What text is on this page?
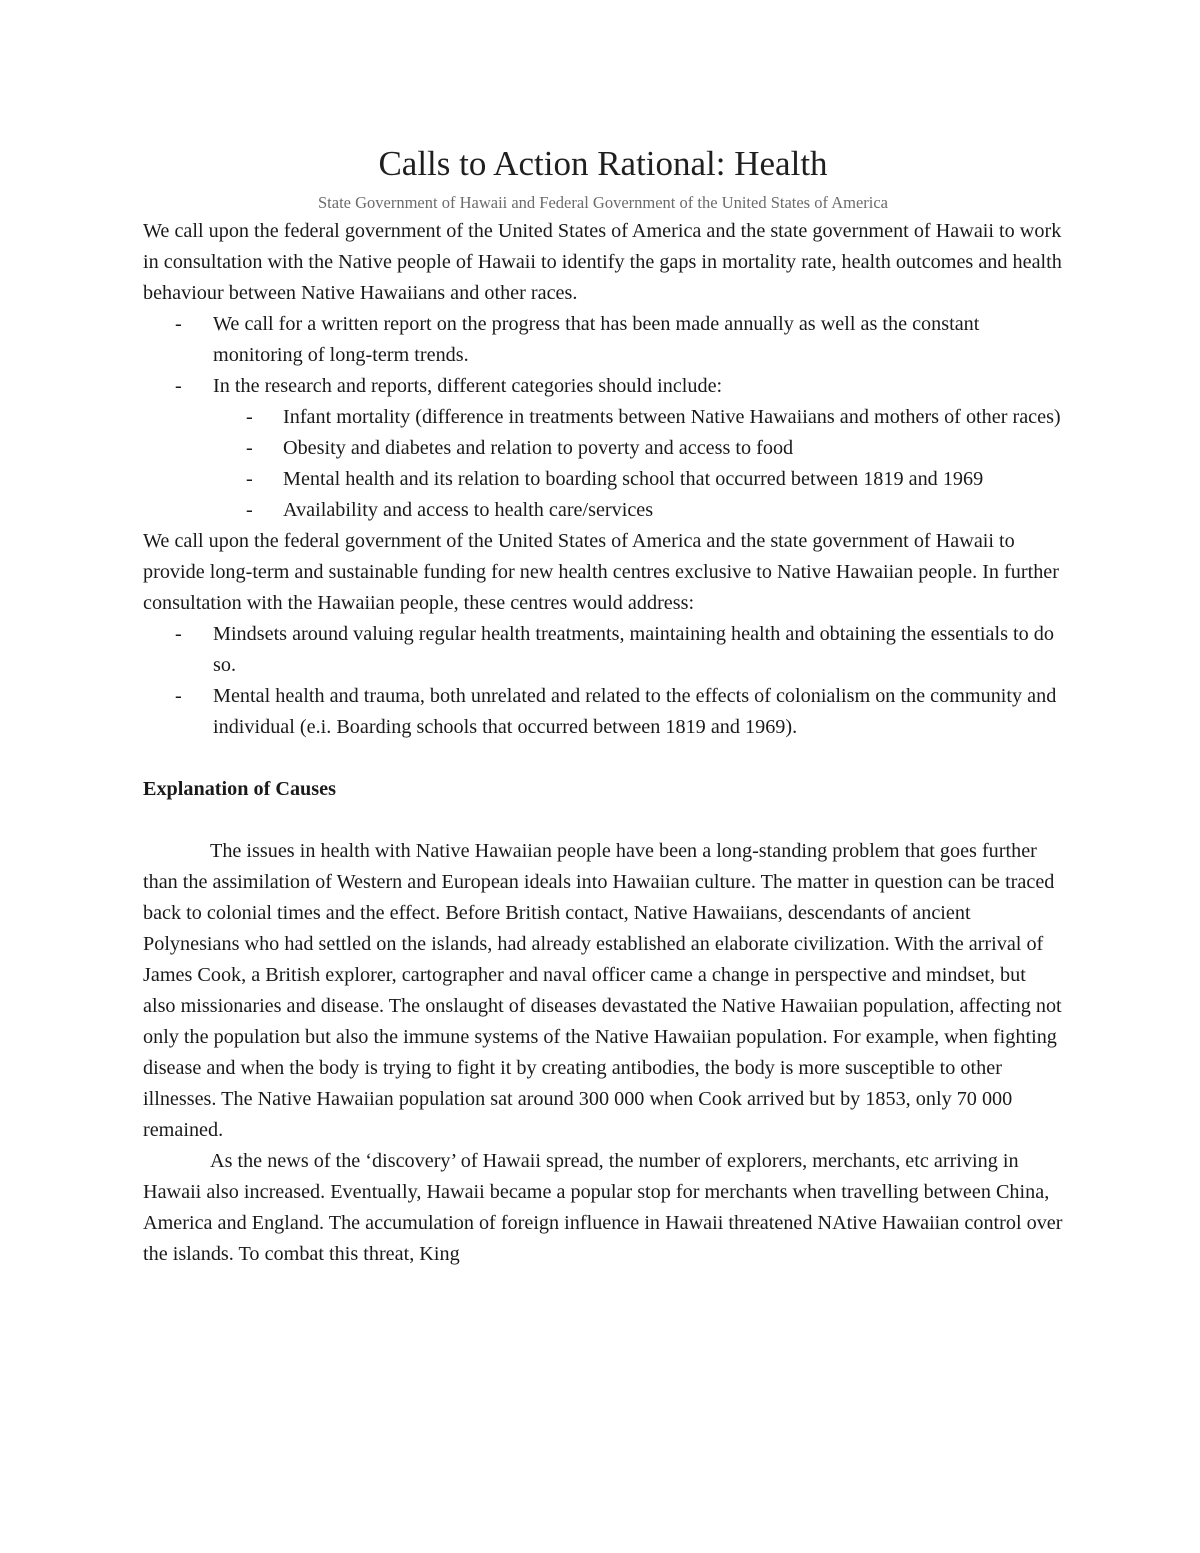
Calls to Action Rational: Health
State Government of Hawaii and Federal Government of the United States of America

We call upon the federal government of the United States of America and the state government of Hawaii to work in consultation with the Native people of Hawaii to identify the gaps in mortality rate, health outcomes and health behaviour between Native Hawaiians and other races.

- We call for a written report on the progress that has been made annually as well as the constant monitoring of long-term trends.
- In the research and reports, different categories should include:
- Infant mortality (difference in treatments between Native Hawaiians and mothers of other races)
- Obesity and diabetes and relation to poverty and access to food
- Mental health and its relation to boarding school that occurred between 1819 and 1969
- Availability and access to health care/services

We call upon the federal government of the United States of America and the state government of Hawaii to provide long-term and sustainable funding for new health centres exclusive to Native Hawaiian people. In further consultation with the Hawaiian people, these centres would address:

- Mindsets around valuing regular health treatments, maintaining health and obtaining the essentials to do so.
- Mental health and trauma, both unrelated and related to the effects of colonialism on the community and individual (e.i. Boarding schools that occurred between 1819 and 1969).
Explanation of Causes

The issues in health with Native Hawaiian people have been a long-standing problem that goes further than the assimilation of Western and European ideals into Hawaiian culture. The matter in question can be traced back to colonial times and the effect. Before British contact, Native Hawaiians, descendants of ancient Polynesians who had settled on the islands, had already established an elaborate civilization. With the arrival of James Cook, a British explorer, cartographer and naval officer came a change in perspective and mindset, but also missionaries and disease. The onslaught of diseases devastated the Native Hawaiian population, affecting not only the population but also the immune systems of the Native Hawaiian population. For example, when fighting disease and when the body is trying to fight it by creating antibodies, the body is more susceptible to other illnesses. The Native Hawaiian population sat around 300 000 when Cook arrived but by 1853, only 70 000 remained.

As the news of the ‘discovery’ of Hawaii spread, the number of explorers, merchants, etc arriving in Hawaii also increased. Eventually, Hawaii became a popular stop for merchants when travelling between China, America and England. The accumulation of foreign influence in Hawaii threatened NAtive Hawaiian control over the islands. To combat this threat, King
